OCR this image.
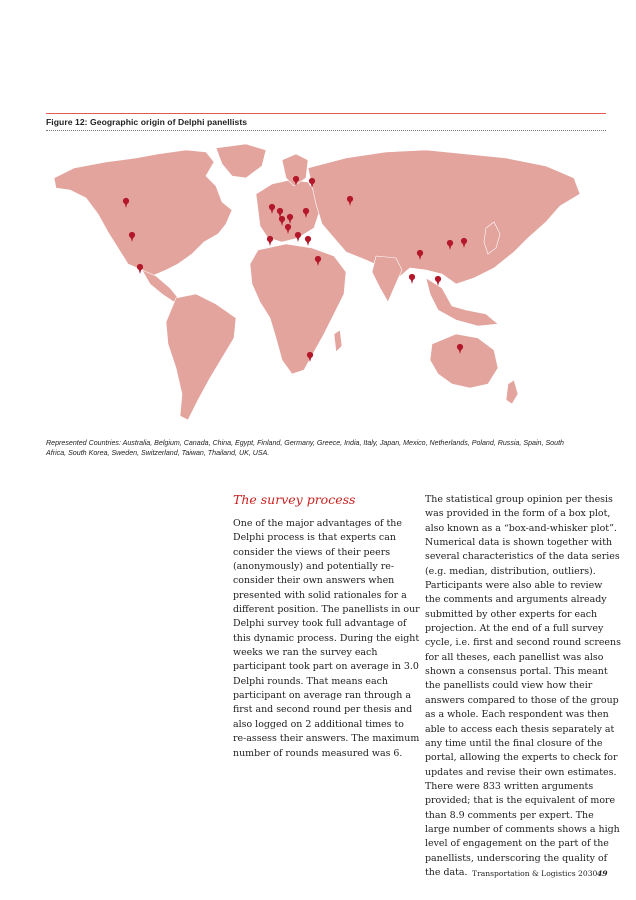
Figure 12: Geographic origin of Delphi panellists
Represented Countries: Australia, Belgium, Canada, China, Egypt, Finland, Germany, Greece, India, Italy, Japan, Mexico, Netherlands, Poland, Russia, Spain, South
Africa, South Korea, Sweden, Switzerland, Taiwan, Thailand, UK, USA.
The survey process
One of the major advantages of the
Delphi process is that experts can
consider the views of their peers
(anonymously) and potentially re-
consider their own answers when
presented with solid rationales for a
different position. The panellists in our
Delphi survey took full advantage of
this dynamic process. During the eight
weeks we ran the survey each
participant took part on average in 3.0
Delphi rounds. That means each
participant on average ran through a
first and second round per thesis and
also logged on 2 additional times to
re-assess their answers. The maximum
number of rounds measured was 6.
The statistical group opinion per thesis
was provided in the form of a box plot,
also known as a “box-and-whisker plot”.
Numerical data is shown together with
several characteristics of the data series
(e.g. median, distribution, outliers).
Participants were also able to review
the comments and arguments already
submitted by other experts for each
projection. At the end of a full survey
cycle, i.e. first and second round screens
for all theses, each panellist was also
shown a consensus portal. This meant
the panellists could view how their
answers compared to those of the group
as a whole. Each respondent was then
able to access each thesis separately at
any time until the final closure of the
portal, allowing the experts to check for
updates and revise their own estimates.
There were 833 written arguments
provided; that is the equivalent of more
than 8.9 comments per expert. The
large number of comments shows a high
level of engagement on the part of the
panellists, underscoring the quality of
the data. Transportation & Logistics 2030 49
